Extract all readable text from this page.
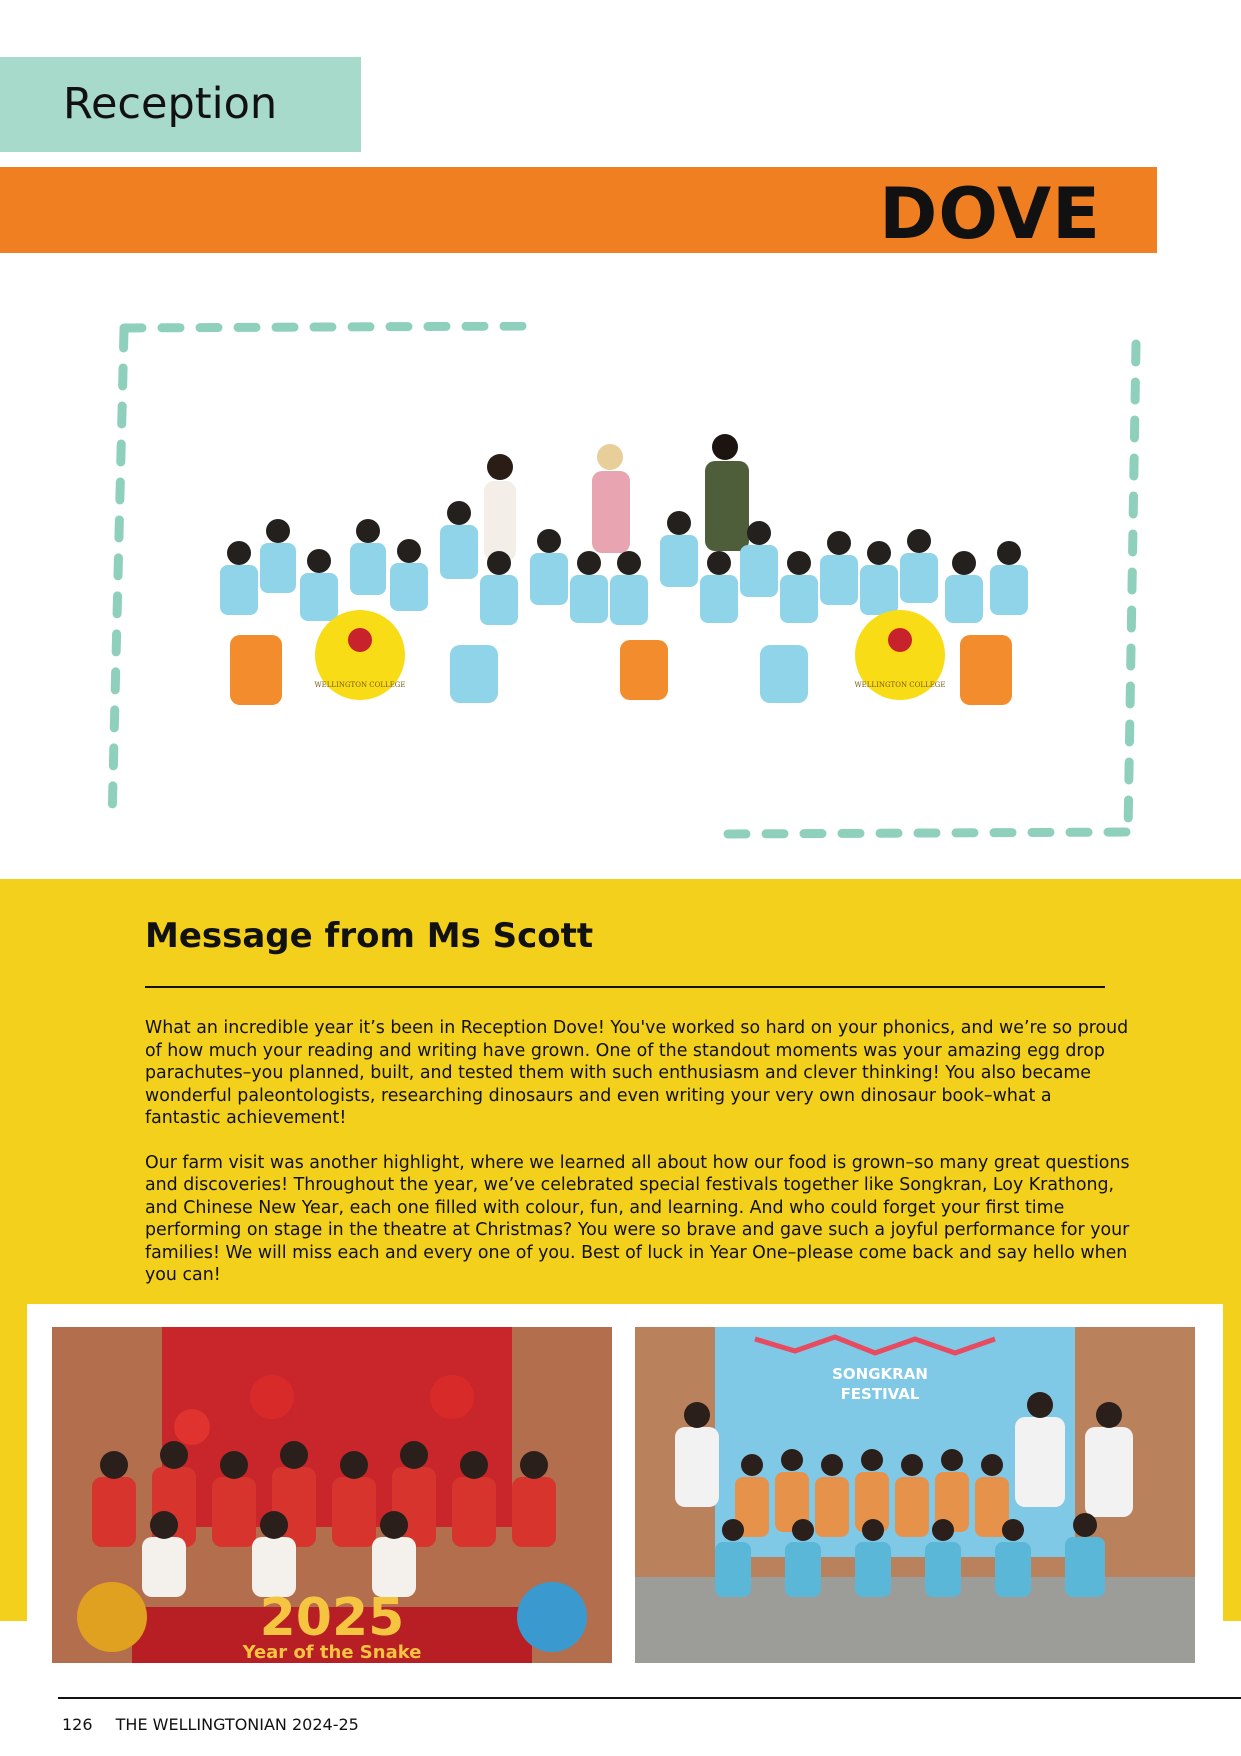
Reception
DOVE
WELLINGTON COLLEGE	WELLINGTON COLLEGE
Message from Ms Scott

What an incredible year it’s been in Reception Dove! You've worked so hard on your phonics, and we’re so proud of how much your reading and writing have grown. One of the standout moments was your amazing egg drop parachutes–you planned, built, and tested them with such enthusiasm and clever thinking! You also became wonderful paleontologists, researching dinosaurs and even writing your very own dinosaur book–what a fantastic achievement!

Our farm visit was another highlight, where we learned all about how our food is grown–so many great questions and discoveries! Throughout the year, we’ve celebrated special festivals together like Songkran, Loy Krathong, and Chinese New Year, each one filled with colour, fun, and learning. And who could forget your first time performing on stage in the theatre at Christmas? You were so brave and gave such a joyful performance for your families! We will miss each and every one of you. Best of luck in Year One–please come back and say hello when you can!

2025
Year of the Snake
SONGKRAN
FESTIVAL
126 THE WELLINGTONIAN 2024-25
